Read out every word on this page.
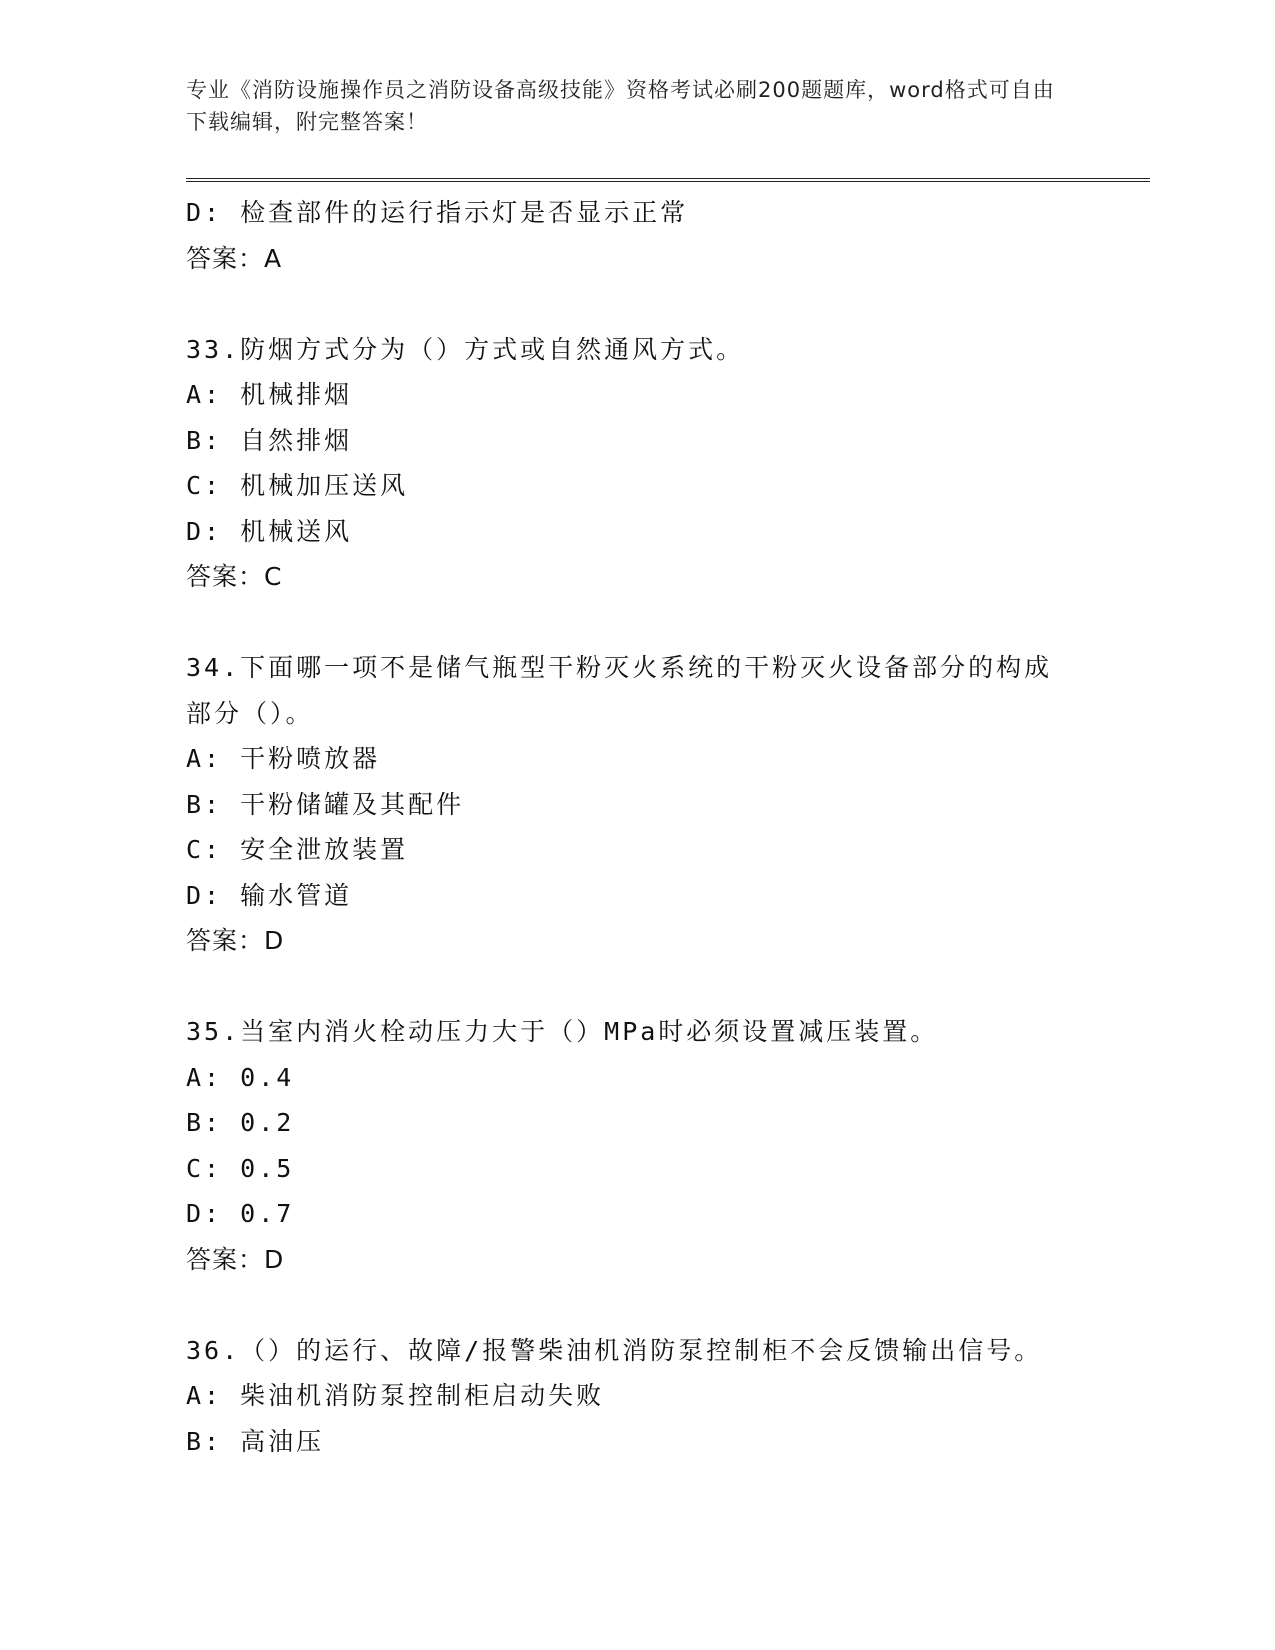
专业《消防设施操作员之消防设备高级技能》资格考试必刷200题题库，word格式可自由下载编辑，附完整答案！
D: 检查部件的运行指示灯是否显示正常
答案：A
33.防烟方式分为（）方式或自然通风方式。
A: 机械排烟
B: 自然排烟
C: 机械加压送风
D: 机械送风
答案：C
34.下面哪一项不是储气瓶型干粉灭火系统的干粉灭火设备部分的构成
部分（）。
A: 干粉喷放器
B: 干粉储罐及其配件
C: 安全泄放装置
D: 输水管道
答案：D
35.当室内消火栓动压力大于（）MPa时必须设置减压装置。
A: 0.4
B: 0.2
C: 0.5
D: 0.7
答案：D
36.（）的运行、故障/报警柴油机消防泵控制柜不会反馈输出信号。
A: 柴油机消防泵控制柜启动失败
B: 高油压
